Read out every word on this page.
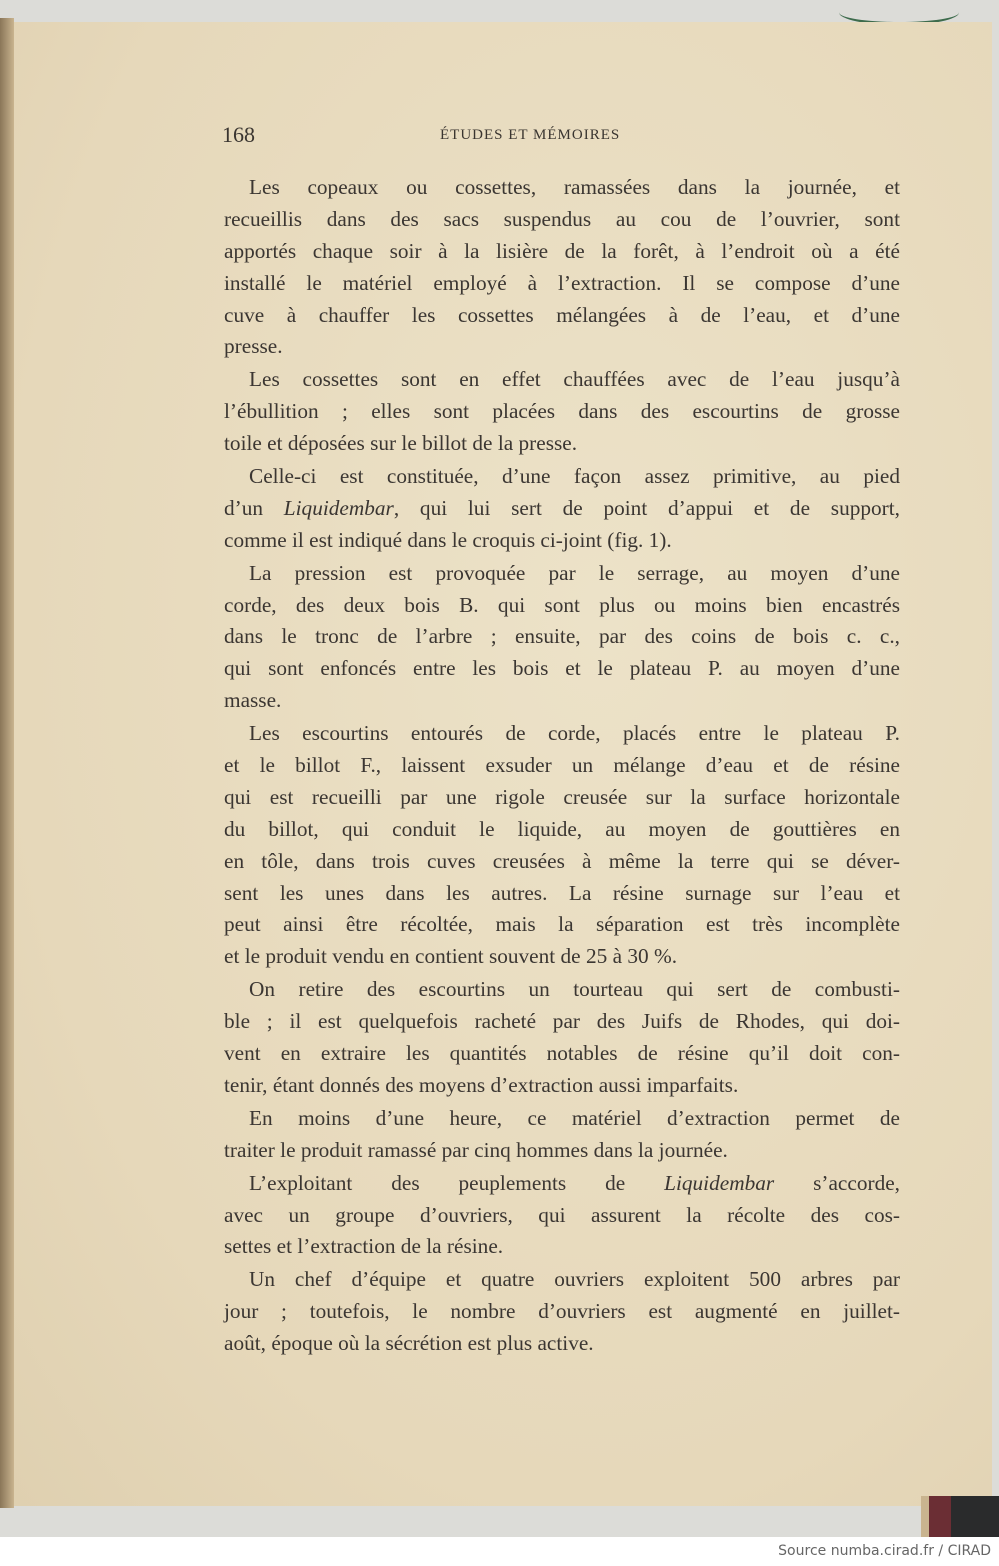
168	ÉTUDES ET MÉMOIRES
Les copeaux ou cossettes, ramassées dans la journée, et
recueillis dans des sacs suspendus au cou de l’ouvrier, sont
apportés chaque soir à la lisière de la forêt, à l’endroit où a été
installé le matériel employé à l’extraction. Il se compose d’une
cuve à chauffer les cossettes mélangées à de l’eau, et d’une
presse.
Les cossettes sont en effet chauffées avec de l’eau jusqu’à
l’ébullition ; elles sont placées dans des escourtins de grosse
toile et déposées sur le billot de la presse.
Celle-ci est constituée, d’une façon assez primitive, au pied
d’un Liquidembar, qui lui sert de point d’appui et de support,
comme il est indiqué dans le croquis ci-joint (fig. 1).
La pression est provoquée par le serrage, au moyen d’une
corde, des deux bois B. qui sont plus ou moins bien encastrés
dans le tronc de l’arbre ; ensuite, par des coins de bois c. c.,
qui sont enfoncés entre les bois et le plateau P. au moyen d’une
masse.
Les escourtins entourés de corde, placés entre le plateau P.
et le billot F., laissent exsuder un mélange d’eau et de résine
qui est recueilli par une rigole creusée sur la surface horizontale
du billot, qui conduit le liquide, au moyen de gouttières en
en tôle, dans trois cuves creusées à même la terre qui se déver-
sent les unes dans les autres. La résine surnage sur l’eau et
peut ainsi être récoltée, mais la séparation est très incomplète
et le produit vendu en contient souvent de 25 à 30 %.
On retire des escourtins un tourteau qui sert de combusti-
ble ; il est quelquefois racheté par des Juifs de Rhodes, qui doi-
vent en extraire les quantités notables de résine qu’il doit con-
tenir, étant donnés des moyens d’extraction aussi imparfaits.
En moins d’une heure, ce matériel d’extraction permet de
traiter le produit ramassé par cinq hommes dans la journée.
L’exploitant des peuplements de Liquidembar s’accorde,
avec un groupe d’ouvriers, qui assurent la récolte des cos-
settes et l’extraction de la résine.
Un chef d’équipe et quatre ouvriers exploitent 500 arbres par
jour ; toutefois, le nombre d’ouvriers est augmenté en juillet-
août, époque où la sécrétion est plus active.
Source numba.cirad.fr / CIRAD
